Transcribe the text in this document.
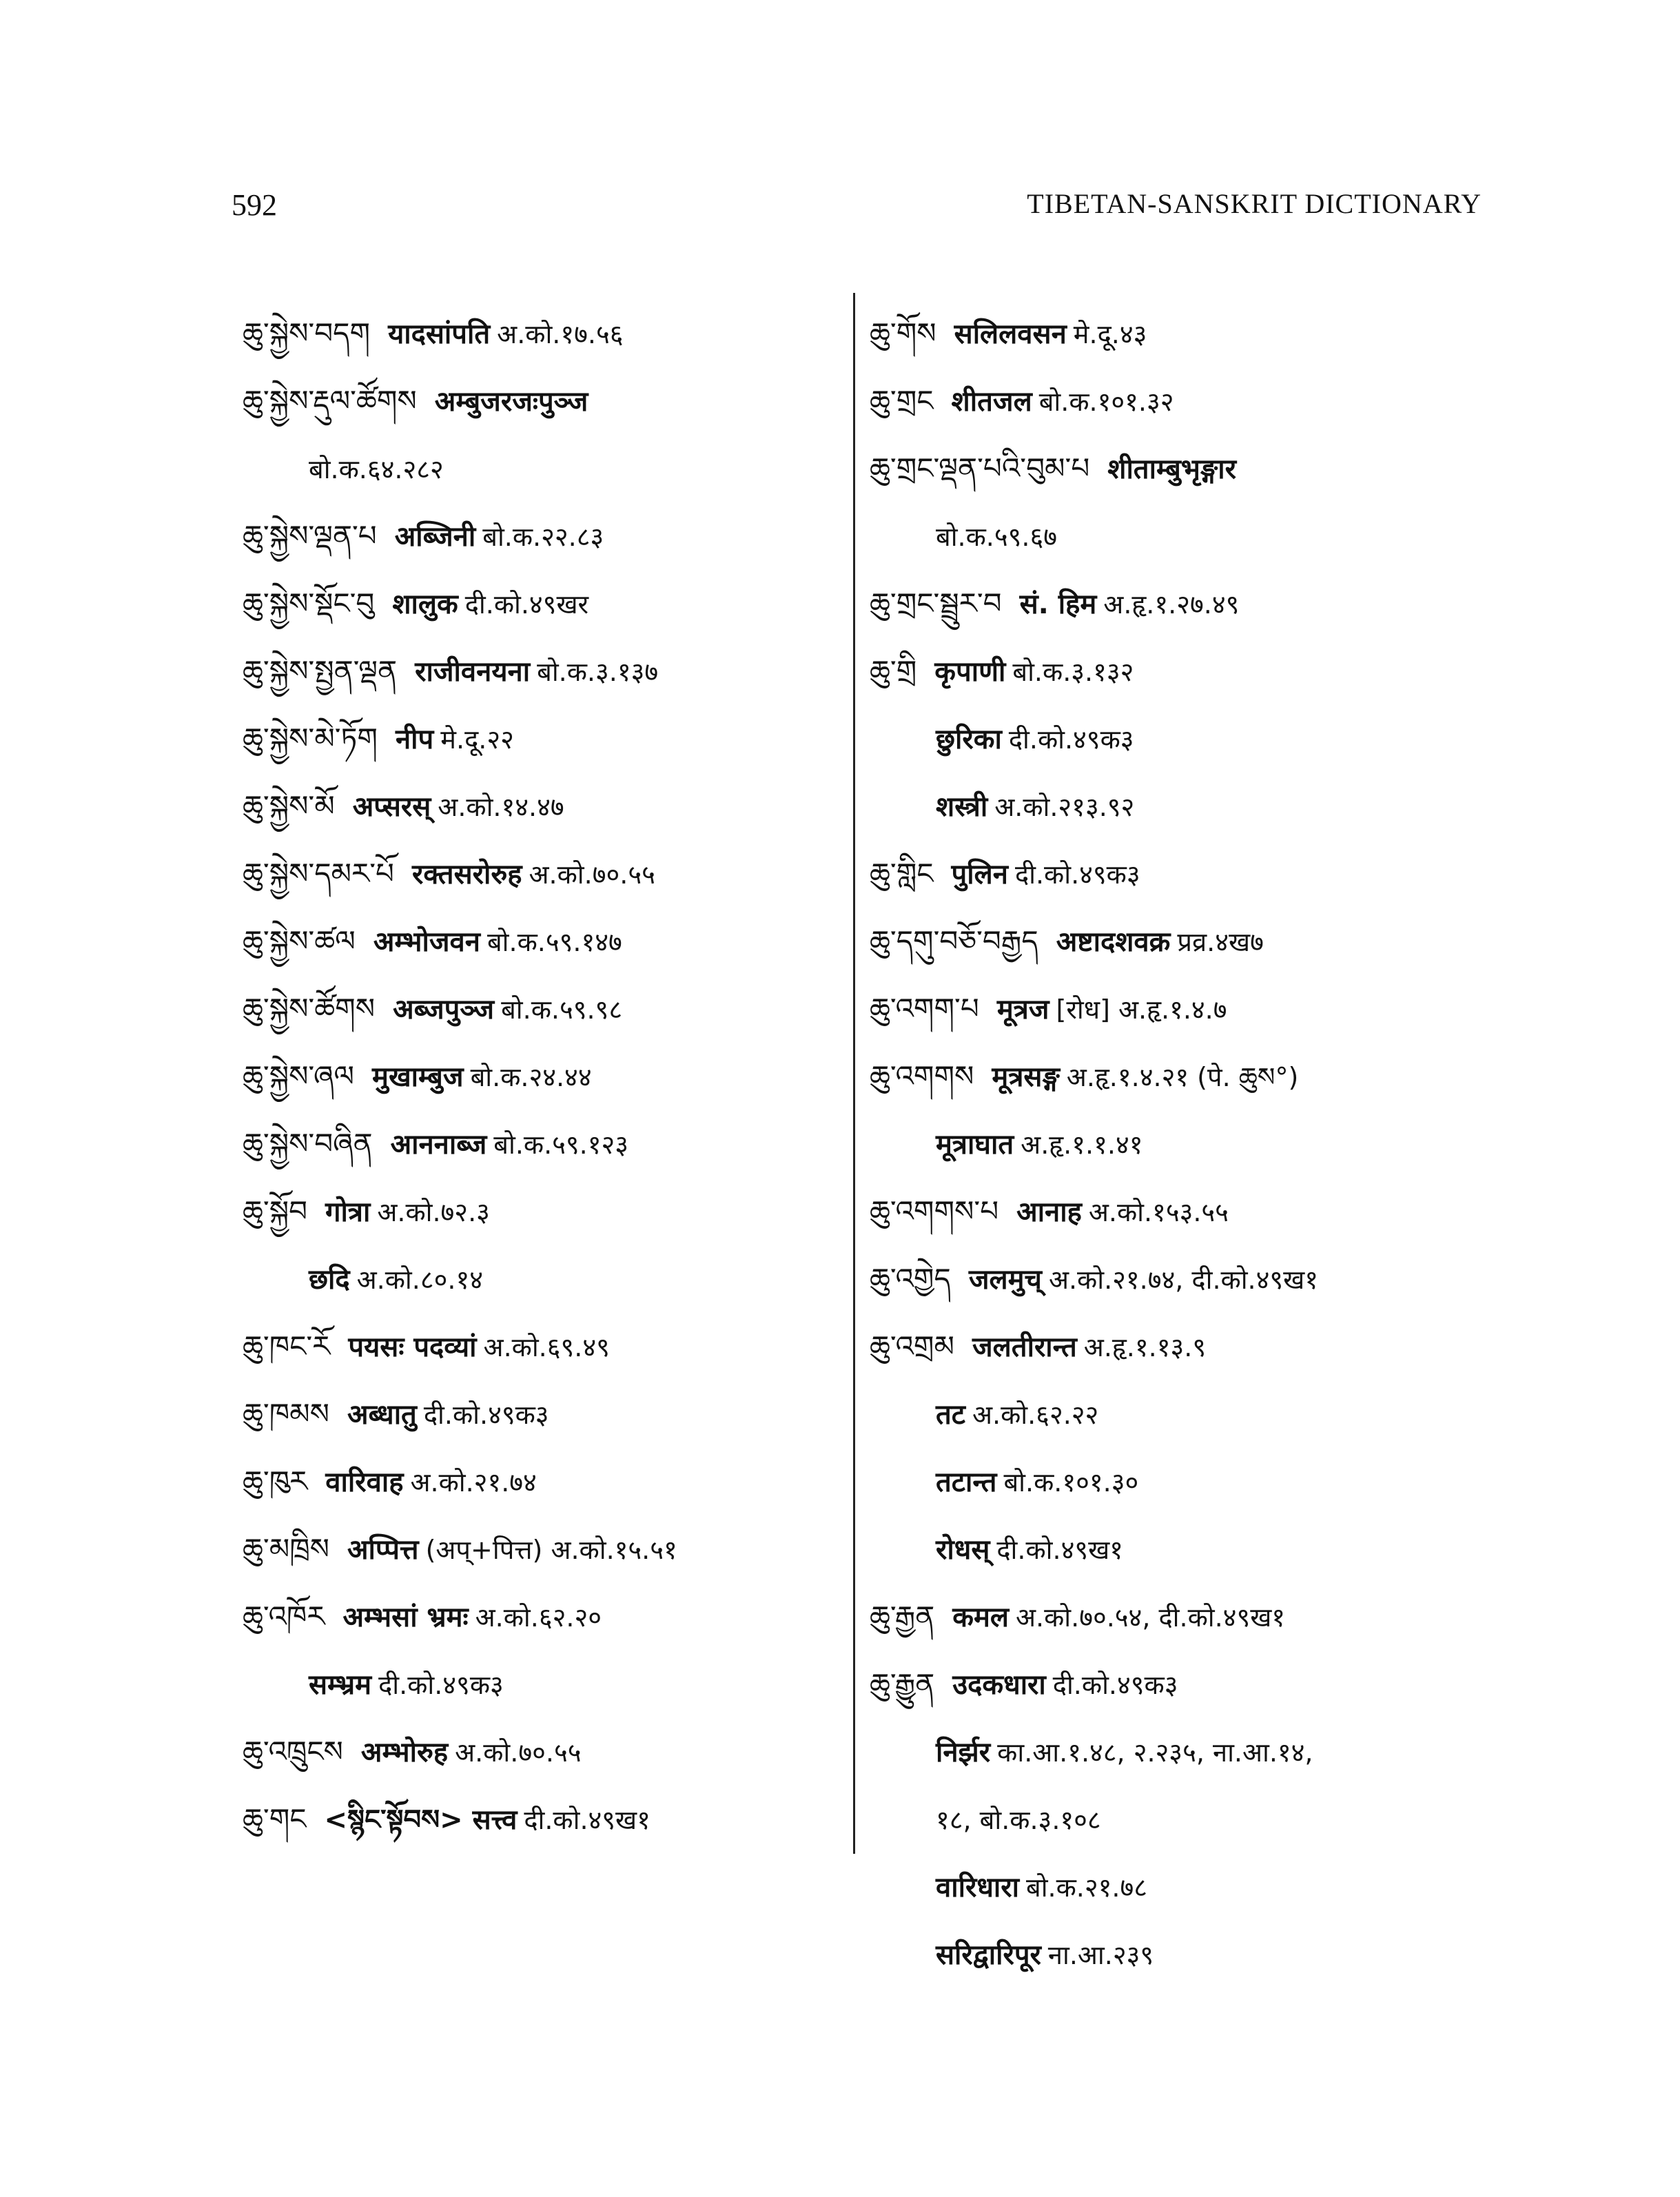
592	TIBETAN-SANSKRIT DICTIONARY
ཆུ་སྐྱེས་བདག यादसांपति अ.को.१७.५६
ཆུ་སྐྱེས་རྡུལ་ཚོགས अम्बुजरजःपुञ्ज
बो.क.६४.२८२
ཆུ་སྐྱེས་ལྡན་པ अब्जिनी बो.क.२२.८३
ཆུ་སྐྱེས་སྡོང་བུ शालुक दी.को.४९खर
ཆུ་སྐྱེས་སྤྱན་ལྡན राजीवनयना बो.क.३.१३७
ཆུ་སྐྱེས་མེ་ཏོག नीप मे.दू.२२
ཆུ་སྐྱེས་མོ अप्सरस् अ.को.१४.४७
ཆུ་སྐྱེས་དམར་པོ रक्तसरोरुह अ.को.७०.५५
ཆུ་སྐྱེས་ཚལ अम्भोजवन बो.क.५९.१४७
ཆུ་སྐྱེས་ཚོགས अब्जपुञ्ज बो.क.५९.९८
ཆུ་སྐྱེས་ཞལ मुखाम्बुज बो.क.२४.४४
ཆུ་སྐྱེས་བཞིན आननाब्ज बो.क.५९.१२३
ཆུ་སྐྱོབ गोत्रा अ.को.७२.३
छदि अ.को.८०.१४
ཆུ་ཁང་རོ पयसः पदव्यां अ.को.६९.४९
ཆུ་ཁམས अब्धातु दी.को.४९क३
ཆུ་ཁུར वारिवाह अ.को.२१.७४
ཆུ་མཁྲིས अप्पित्त (अप्+पित्त) अ.को.१५.५१
ཆུ་འཁོར अम्भसां भ्रमः अ.को.६२.२०
सम्भ्रम दी.को.४९क३
ཆུ་འཁྲུངས अम्भोरुह अ.को.७०.५५
ཆུ་གང <སྙིང་སྟོབས> सत्त्व दी.को.४९ख१
ཆུ་གོས सलिलवसन मे.दू.४३
ཆུ་གྲང शीतजल बो.क.१०१.३२
ཆུ་གྲང་ལྡན་པའི་བུམ་པ शीताम्बुभृङ्गार
बो.क.५९.६७
ཆུ་གྲང་སྦྲུར་བ सं. हिम अ.हृ.१.२७.४९
ཆུ་གྲི कृपाणी बो.क.३.१३२
छुरिका दी.को.४९क३
शस्त्री अ.को.२१३.९२
ཆུ་གླིང पुलिन दी.को.४९क३
ཆུ་དགུ་བཅོ་བརྒྱད अष्टादशवक्र प्रव्र.४ख७
ཆུ་འགག་པ मूत्रज [रोध] अ.हृ.१.४.७
ཆུ་འགགས मूत्रसङ्ग अ.हृ.१.४.२१ (पे. ཆུས°)
मूत्राघात अ.हृ.१.१.४१
ཆུ་འགགས་པ आनाह अ.को.१५३.५५
ཆུ་འགྱེད जलमुच् अ.को.२१.७४, दी.को.४९ख१
ཆུ་འགྲམ जलतीरान्त अ.हृ.१.१३.९
तट अ.को.६२.२२
तटान्त बो.क.१०१.३०
रोधस् दी.को.४९ख१
ཆུ་རྒྱན कमल अ.को.७०.५४, दी.को.४९ख१
ཆུ་རྒྱུན उदकधारा दी.को.४९क३
निर्झर का.आ.१.४८, २.२३५, ना.आ.१४,
१८, बो.क.३.१०८
वारिधारा बो.क.२१.७८
सरिद्वारिपूर ना.आ.२३९
